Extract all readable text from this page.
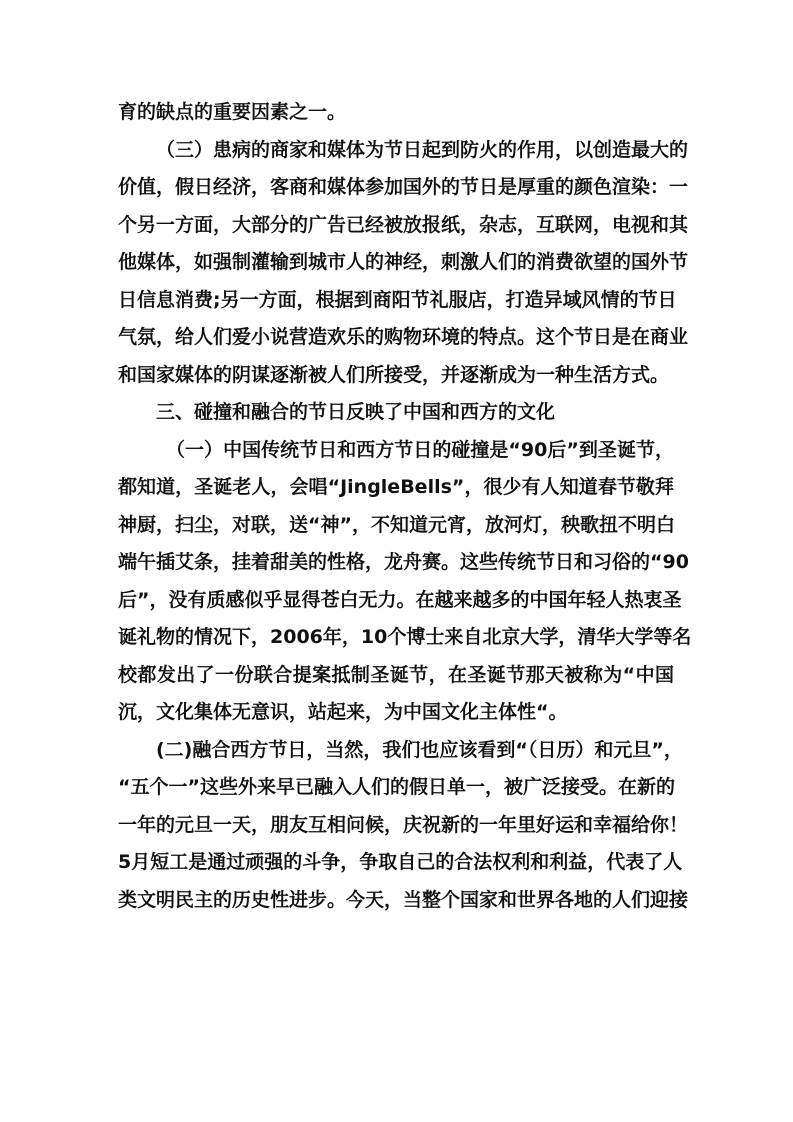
育的缺点的重要因素之一。
（三）患病的商家和媒体为节日起到防火的作用，以创造最大的
价值，假日经济，客商和媒体参加国外的节日是厚重的颜色渲染：一
个另一方面，大部分的广告已经被放报纸，杂志，互联网，电视和其
他媒体，如强制灌输到城市人的神经，刺激人们的消费欲望的国外节
日信息消费;另一方面，根据到商阳节礼服店，打造异域风情的节日
气氛，给人们爱小说营造欢乐的购物环境的特点。这个节日是在商业
和国家媒体的阴谋逐渐被人们所接受，并逐渐成为一种生活方式。
三、碰撞和融合的节日反映了中国和西方的文化
（一）中国传统节日和西方节日的碰撞是“90后”到圣诞节，
都知道，圣诞老人，会唱“JingleBells”，很少有人知道春节敬拜
神厨，扫尘，对联，送“神”，不知道元宵，放河灯，秧歌扭不明白
端午插艾条，挂着甜美的性格，龙舟赛。这些传统节日和习俗的“90
后”，没有质感似乎显得苍白无力。在越来越多的中国年轻人热衷圣
诞礼物的情况下，2006年，10个博士来自北京大学，清华大学等名
校都发出了一份联合提案抵制圣诞节，在圣诞节那天被称为“中国
沉，文化集体无意识，站起来，为中国文化主体性“。
(二)融合西方节日，当然，我们也应该看到“（日历）和元旦”，
“五个一”这些外来早已融入人们的假日单一，被广泛接受。在新的
一年的元旦一天，朋友互相问候，庆祝新的一年里好运和幸福给你！
5月短工是通过顽强的斗争，争取自己的合法权利和利益，代表了人
类文明民主的历史性进步。今天，当整个国家和世界各地的人们迎接
